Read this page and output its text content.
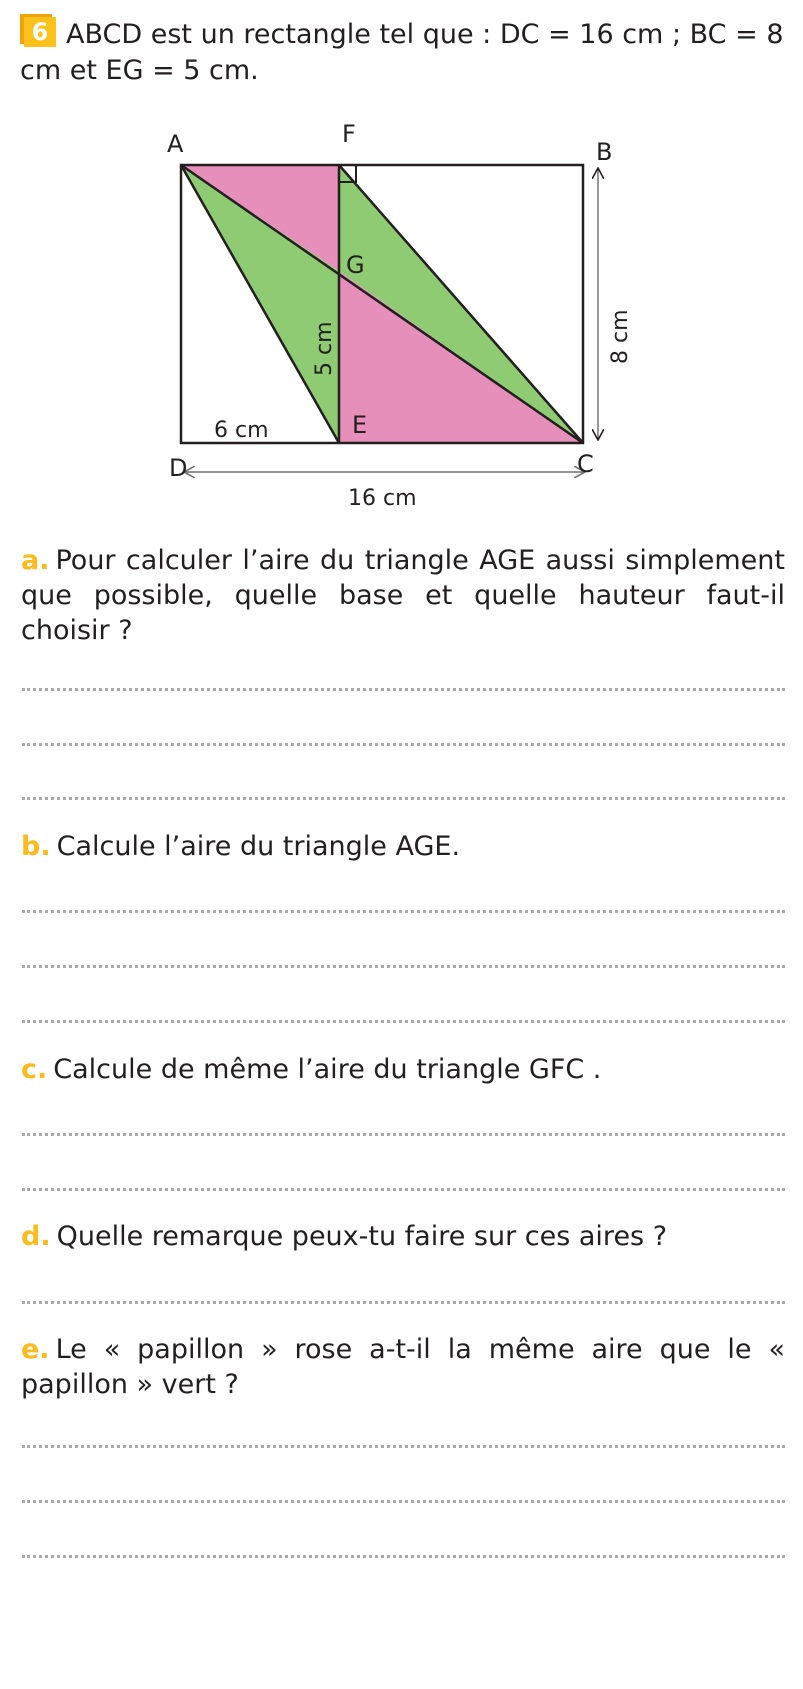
6 ABCD est un rectangle tel que : DC = 16 cm ; BC = 8 cm et EG = 5 cm.
A	F
B
G
E
D	C
6 cm
5 cm	8 cm
16 cm
a. Pour calculer l’aire du triangle AGE aussi simplement que possible, quelle base et quelle hauteur faut-il choisir ?
b. Calcule l’aire du triangle AGE.
c. Calcule de même l’aire du triangle GFC .
d. Quelle remarque peux-tu faire sur ces aires ?
e. Le « papillon » rose a-t-il la même aire que le « papillon » vert ?
